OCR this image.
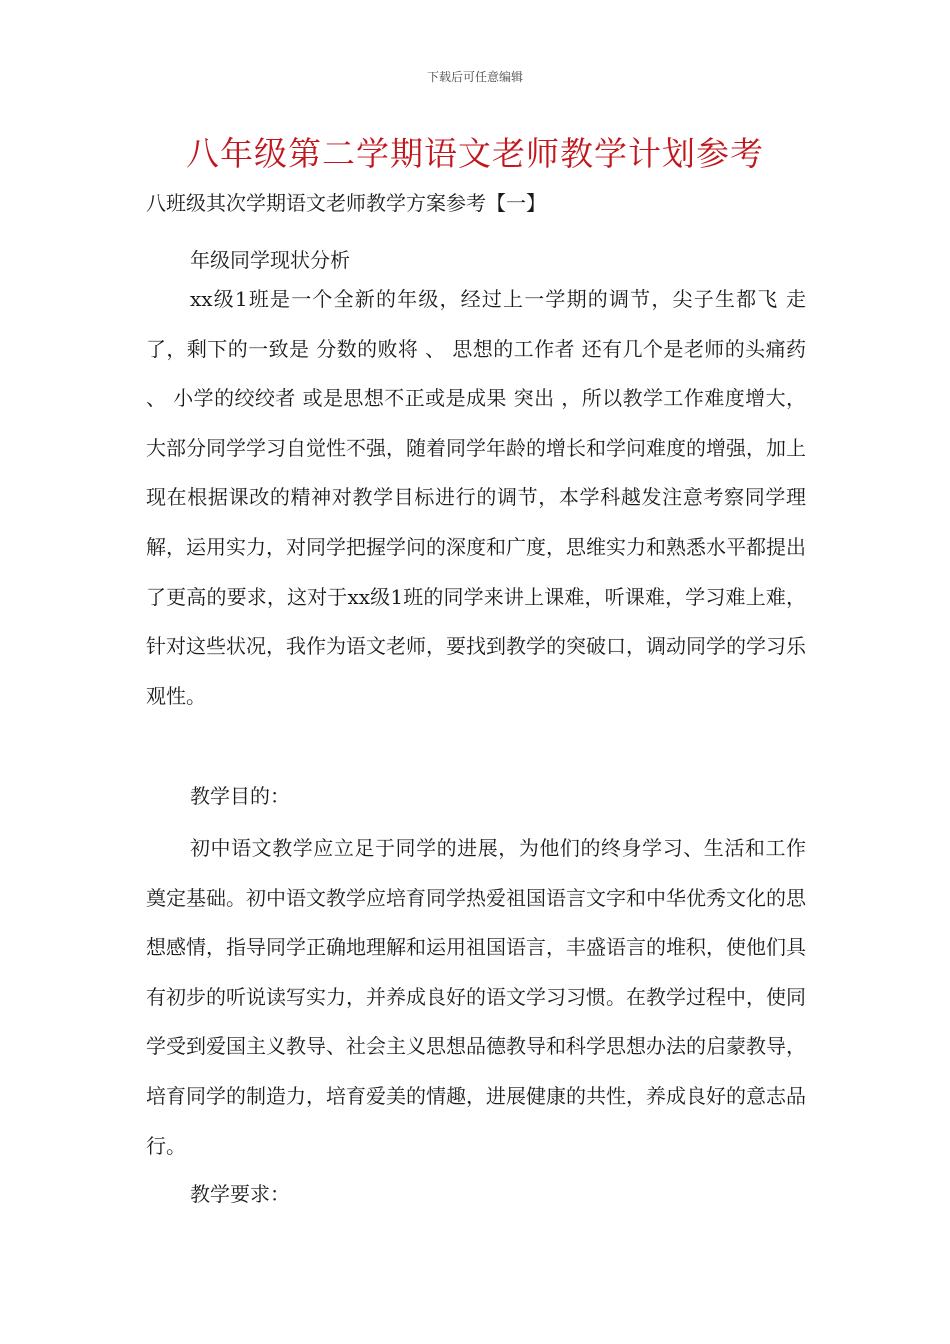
下载后可任意编辑
八年级第二学期语文老师教学计划参考
八班级其次学期语文老师教学方案参考【一】

年级同学现状分析

xx级1班是一个全新的年级，经过上一学期的调节，尖子生都飞 走了，剩下的一致是 分数的败将 、 思想的工作者 还有几个是老师的头痛药 、 小学的绞绞者 或是思想不正或是成果 突出 ，所以教学工作难度增大，大部分同学学习自觉性不强，随着同学年龄的增长和学问难度的增强，加上现在根据课改的精神对教学目标进行的调节，本学科越发注意考察同学理解，运用实力，对同学把握学问的深度和广度，思维实力和熟悉水平都提出了更高的要求，这对于xx级1班的同学来讲上课难，听课难，学习难上难，针对这些状况，我作为语文老师，要找到教学的突破口，调动同学的学习乐观性。

教学目的：

初中语文教学应立足于同学的进展，为他们的终身学习、生活和工作奠定基础。初中语文教学应培育同学热爱祖国语言文字和中华优秀文化的思想感情，指导同学正确地理解和运用祖国语言，丰盛语言的堆积，使他们具有初步的听说读写实力，并养成良好的语文学习习惯。在教学过程中，使同学受到爱国主义教导、社会主义思想品德教导和科学思想办法的启蒙教导，培育同学的制造力，培育爱美的情趣，进展健康的共性，养成良好的意志品行。

教学要求：
